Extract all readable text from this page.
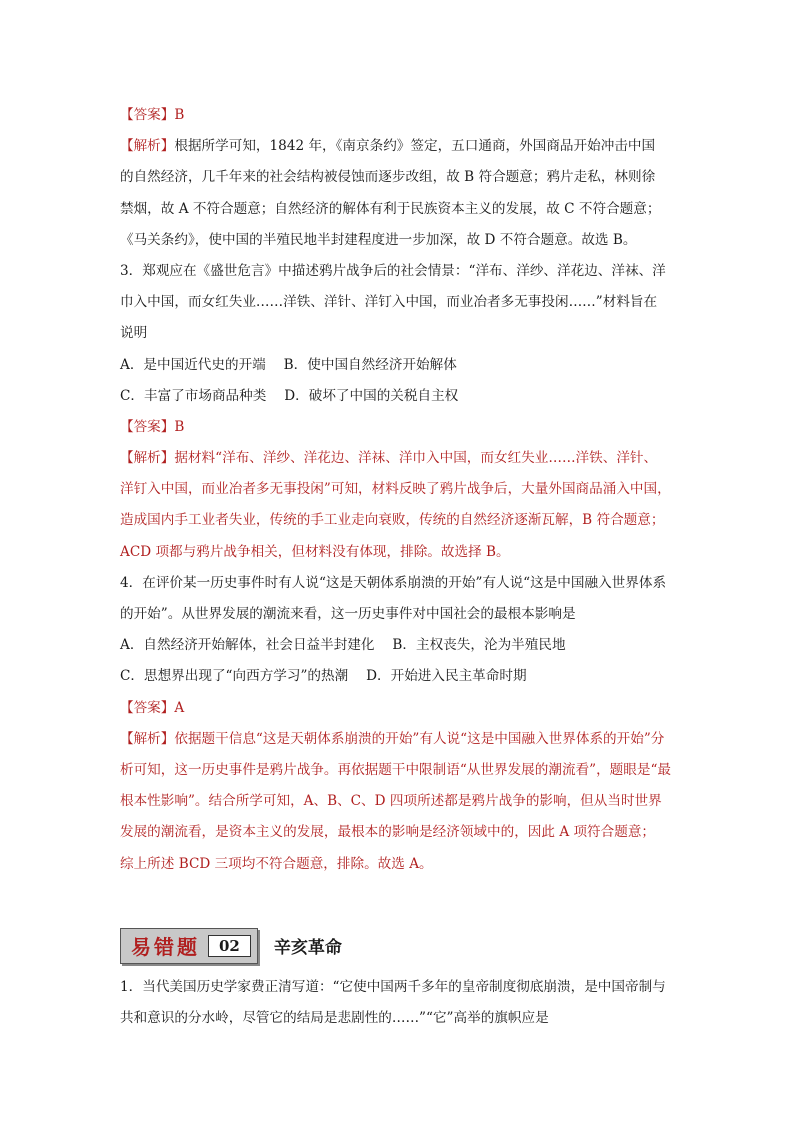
【答案】B
【解析】根据所学可知，1842 年，《南京条约》签定，五口通商，外国商品开始冲击中国
的自然经济，几千年来的社会结构被侵蚀而逐步改组，故 B 符合题意；鸦片走私，林则徐
禁烟，故 A 不符合题意；自然经济的解体有利于民族资本主义的发展，故 C 不符合题意；
《马关条约》，使中国的半殖民地半封建程度进一步加深，故 D 不符合题意。故选 B。
3．郑观应在《盛世危言》中描述鸦片战争后的社会情景：“洋布、洋纱、洋花边、洋袜、洋
巾入中国，而女红失业……洋铁、洋针、洋钉入中国，而业冶者多无事投闲……”材料旨在
说明
A．是中国近代史的开端　 B．使中国自然经济开始解体
C．丰富了市场商品种类　 D．破坏了中国的关税自主权
【答案】B
【解析】据材料“洋布、洋纱、洋花边、洋袜、洋巾入中国，而女红失业……洋铁、洋针、
洋钉入中国，而业冶者多无事投闲”可知，材料反映了鸦片战争后，大量外国商品涌入中国，
造成国内手工业者失业，传统的手工业走向衰败，传统的自然经济逐渐瓦解，B 符合题意；
ACD 项都与鸦片战争相关，但材料没有体现，排除。故选择 B。
4．在评价某一历史事件时有人说“这是天朝体系崩溃的开始”有人说“这是中国融入世界体系
的开始”。从世界发展的潮流来看，这一历史事件对中国社会的最根本影响是
A．自然经济开始解体，社会日益半封建化　 B．主权丧失，沦为半殖民地
C．思想界出现了“向西方学习”的热潮　 D．开始进入民主革命时期
【答案】A
【解析】依据题干信息“这是天朝体系崩溃的开始”有人说“这是中国融入世界体系的开始”分
析可知，这一历史事件是鸦片战争。再依据题干中限制语“从世界发展的潮流看”，题眼是“最
根本性影响”。结合所学可知，A、B、C、D 四项所述都是鸦片战争的影响，但从当时世界
发展的潮流看，是资本主义的发展，最根本的影响是经济领域中的，因此 A 项符合题意；
综上所述 BCD 三项均不符合题意，排除。故选 A。
易错题	02	辛亥革命
1．当代美国历史学家费正清写道：“它使中国两千多年的皇帝制度彻底崩溃，是中国帝制与
共和意识的分水岭，尽管它的结局是悲剧性的……”“它”高举的旗帜应是
